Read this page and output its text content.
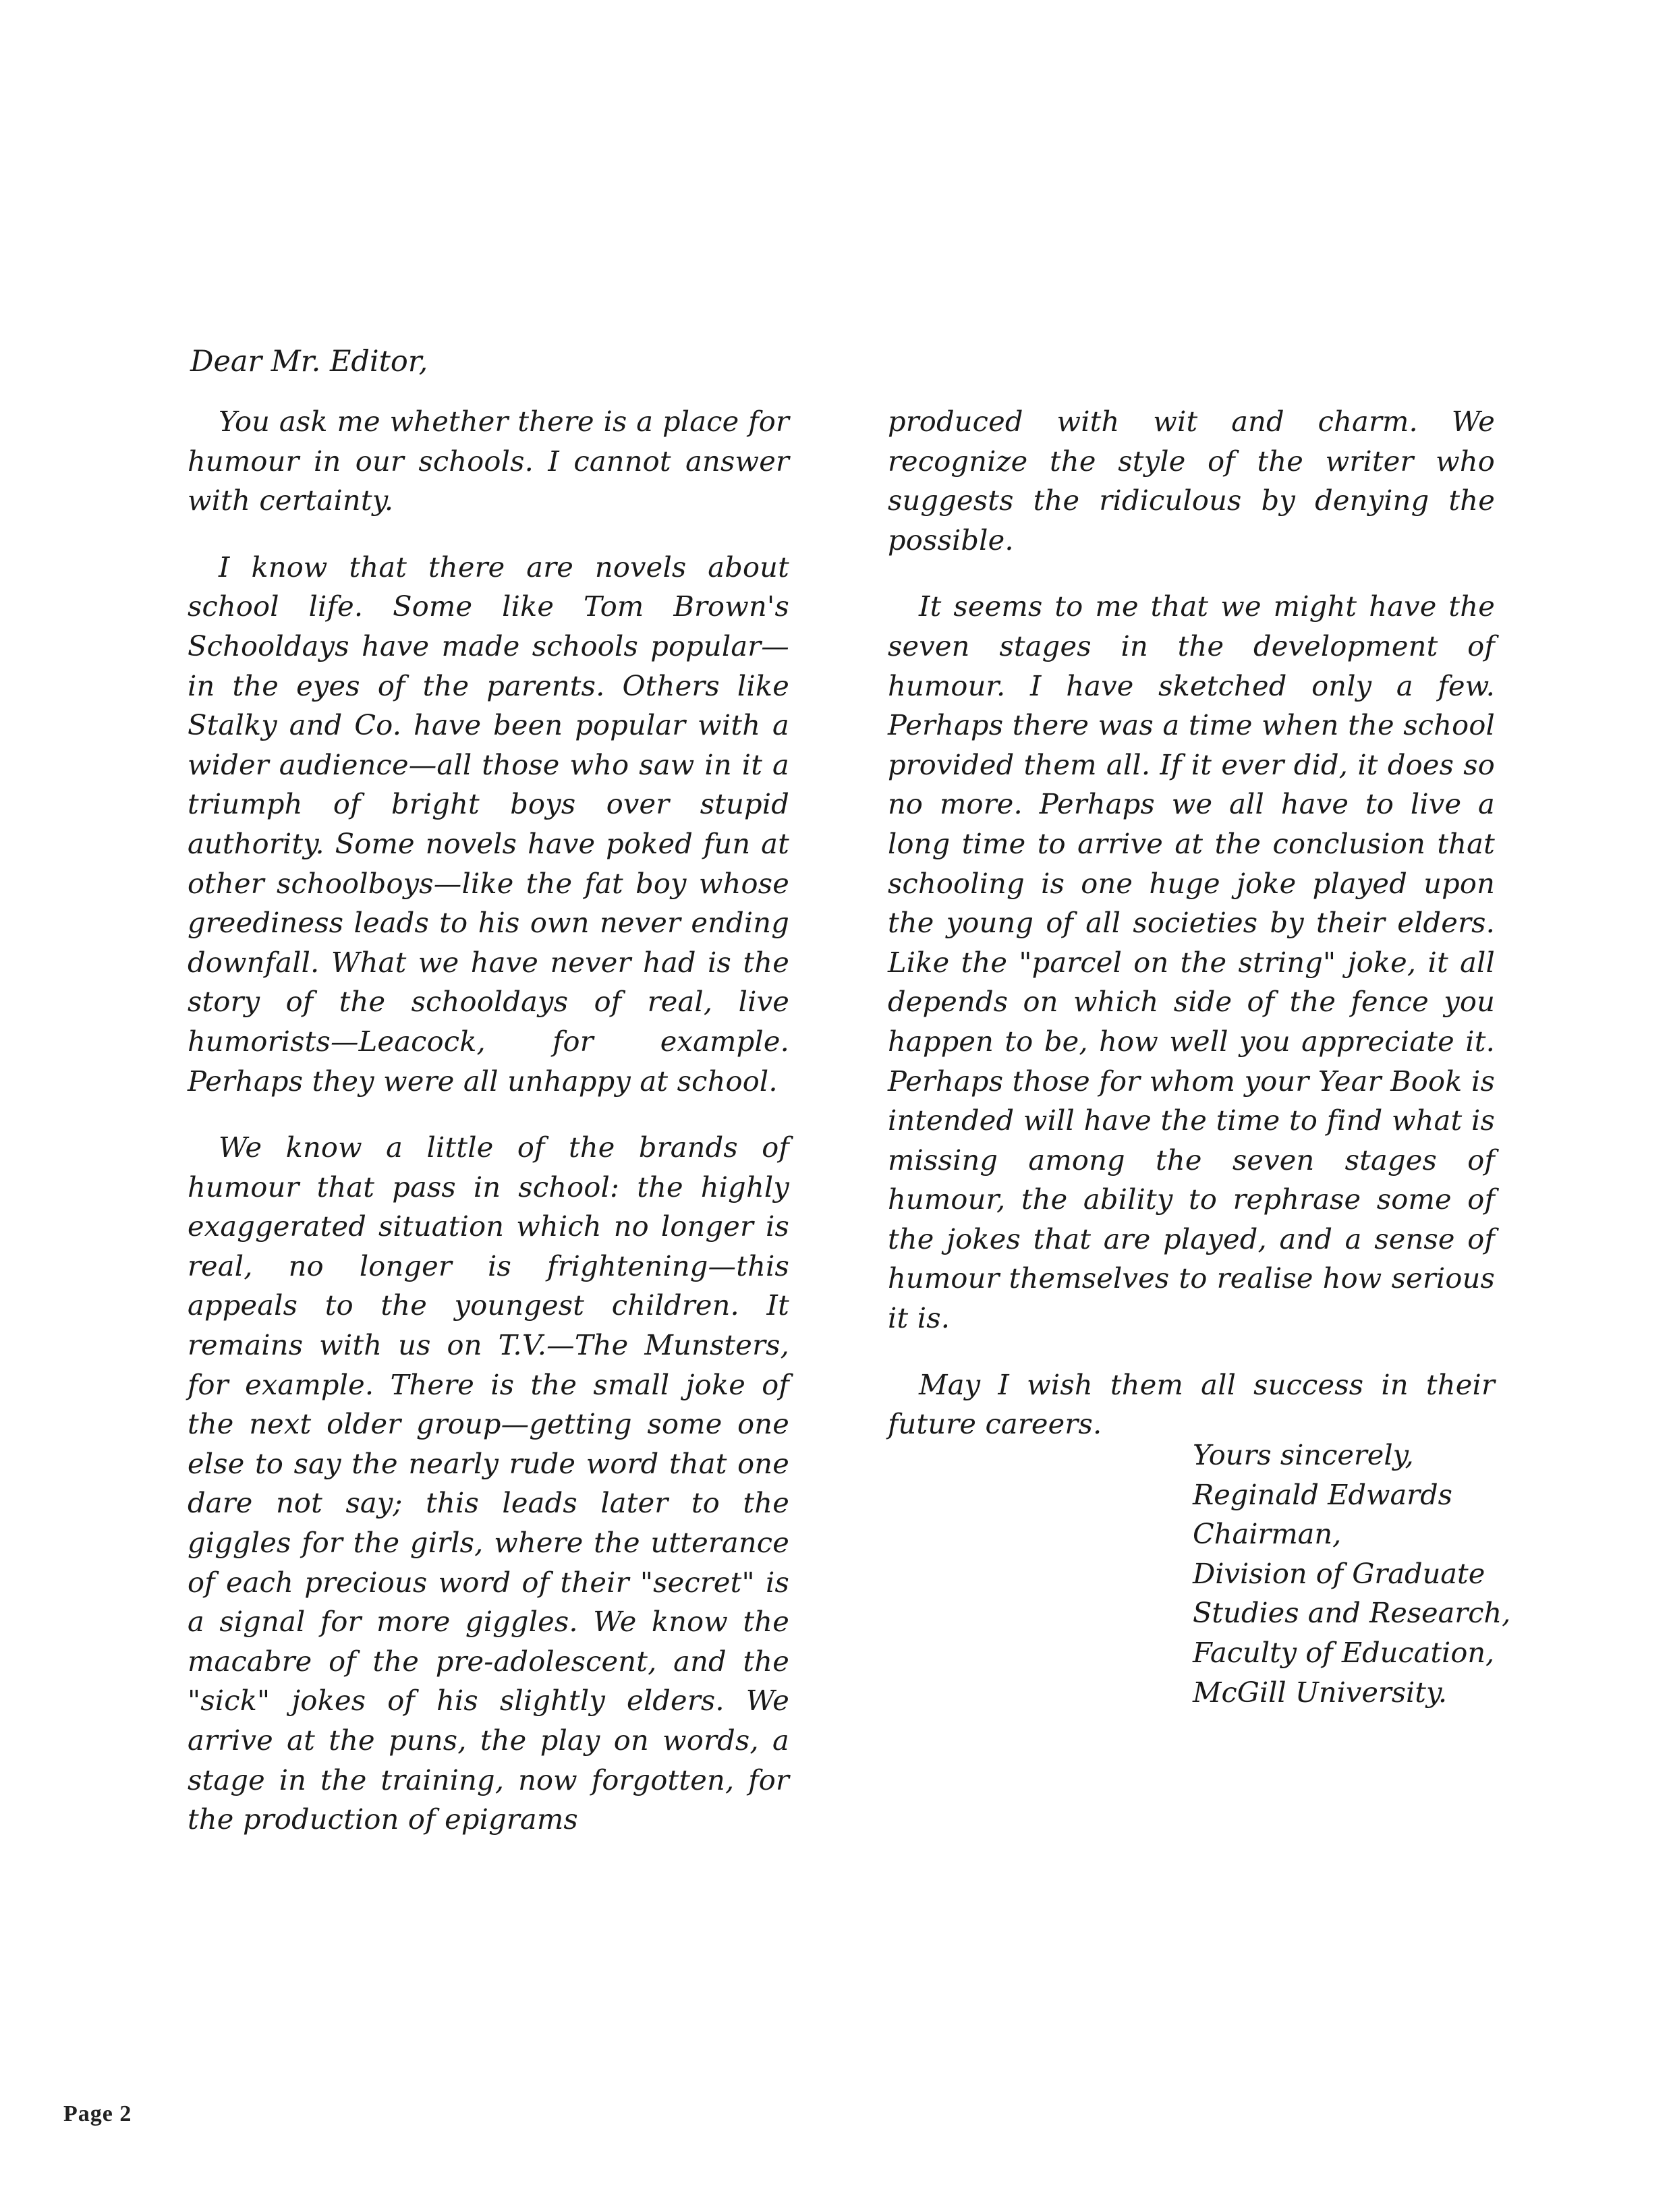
Dear Mr. Editor,

You ask me whether there is a place for humour in our schools. I cannot answer with certainty.

I know that there are novels about school life. Some like Tom Brown's Schooldays have made schools popular—in the eyes of the parents. Others like Stalky and Co. have been popular with a wider audience—all those who saw in it a triumph of bright boys over stupid authority. Some novels have poked fun at other schoolboys—like the fat boy whose greediness leads to his own never ending downfall. What we have never had is the story of the schooldays of real, live humorists—Leacock, for example. Perhaps they were all unhappy at school.

We know a little of the brands of humour that pass in school: the highly exaggerated situation which no longer is real, no longer is frightening—this appeals to the youngest children. It remains with us on T.V.—The Munsters, for example. There is the small joke of the next older group—getting some one else to say the nearly rude word that one dare not say; this leads later to the giggles for the girls, where the utterance of each precious word of their "secret" is a signal for more giggles. We know the macabre of the pre-adolescent, and the "sick" jokes of his slightly elders. We arrive at the puns, the play on words, a stage in the training, now forgotten, for the production of epigrams

produced with wit and charm. We recognize the style of the writer who suggests the ridiculous by denying the possible.

It seems to me that we might have the seven stages in the development of humour. I have sketched only a few. Perhaps there was a time when the school provided them all. If it ever did, it does so no more. Perhaps we all have to live a long time to arrive at the conclusion that schooling is one huge joke played upon the young of all societies by their elders. Like the "parcel on the string" joke, it all depends on which side of the fence you happen to be, how well you appreciate it. Perhaps those for whom your Year Book is intended will have the time to find what is missing among the seven stages of humour, the ability to rephrase some of the jokes that are played, and a sense of humour themselves to realise how serious it is.

May I wish them all success in their future careers.

Yours sincerely,
Reginald Edwards
Chairman,
Division of Graduate
Studies and Research,
Faculty of Education,
McGill University.
Page 2
